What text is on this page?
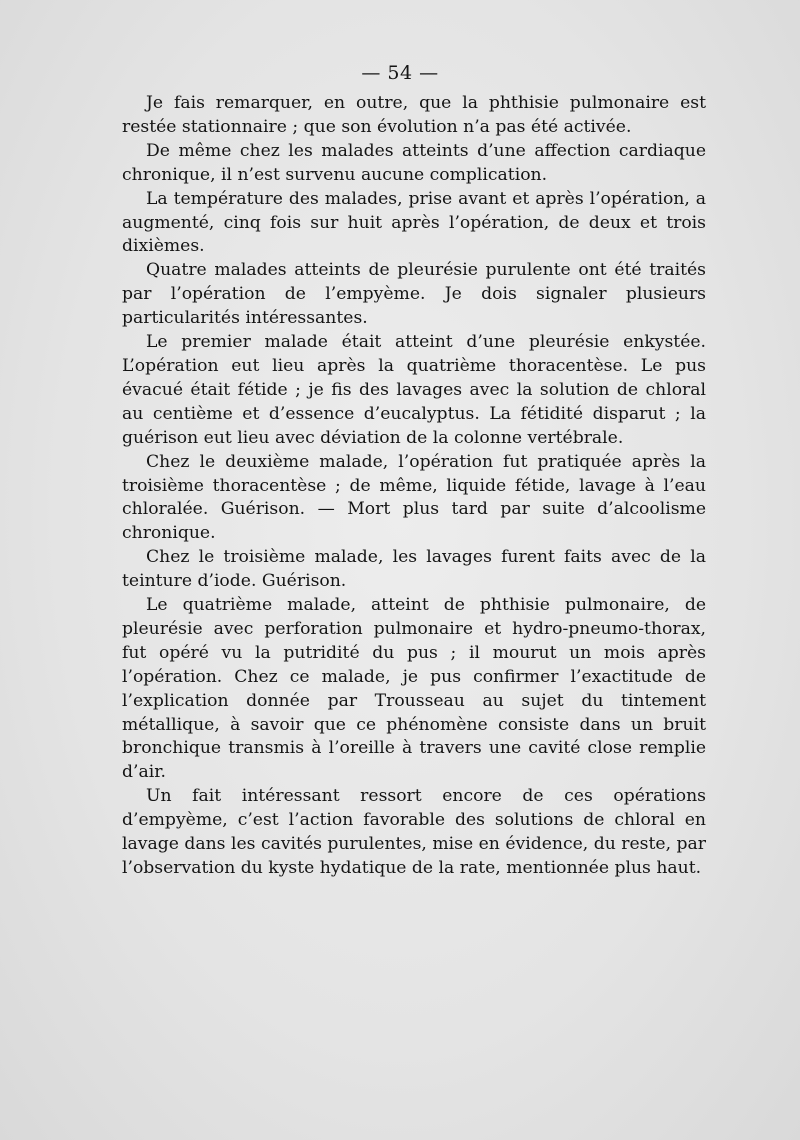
— 54 —

Je fais remarquer, en outre, que la phthisie pulmonaire est restée stationnaire ; que son évolution n’a pas été activée.

De même chez les malades atteints d’une affection cardiaque chronique, il n’est survenu aucune complication.

La température des malades, prise avant et après l’opération, a augmenté, cinq fois sur huit après l’opération, de deux et trois dixièmes.

Quatre malades atteints de pleurésie purulente ont été traités par l’opération de l’empyème. Je dois signaler plusieurs particularités intéressantes.

Le premier malade était atteint d’une pleurésie enkystée. L’opération eut lieu après la quatrième thoracentèse. Le pus évacué était fétide ; je fis des lavages avec la solution de chloral au centième et d’essence d’eucalyptus. La fétidité disparut ; la guérison eut lieu avec déviation de la colonne vertébrale.

Chez le deuxième malade, l’opération fut pratiquée après la troisième thoracentèse ; de même, liquide fétide, lavage à l’eau chloralée. Guérison. — Mort plus tard par suite d’alcoolisme chronique.

Chez le troisième malade, les lavages furent faits avec de la teinture d’iode. Guérison.

Le quatrième malade, atteint de phthisie pulmonaire, de pleurésie avec perforation pulmonaire et hydro-pneumo-thorax, fut opéré vu la putridité du pus ; il mourut un mois après l’opération. Chez ce malade, je pus confirmer l’exactitude de l’explication donnée par Trousseau au sujet du tintement métallique, à savoir que ce phénomène consiste dans un bruit bronchique transmis à l’oreille à travers une cavité close remplie d’air.

Un fait intéressant ressort encore de ces opérations d’empyème, c’est l’action favorable des solutions de chloral en lavage dans les cavités purulentes, mise en évidence, du reste, par l’observation du kyste hydatique de la rate, mentionnée plus haut.
